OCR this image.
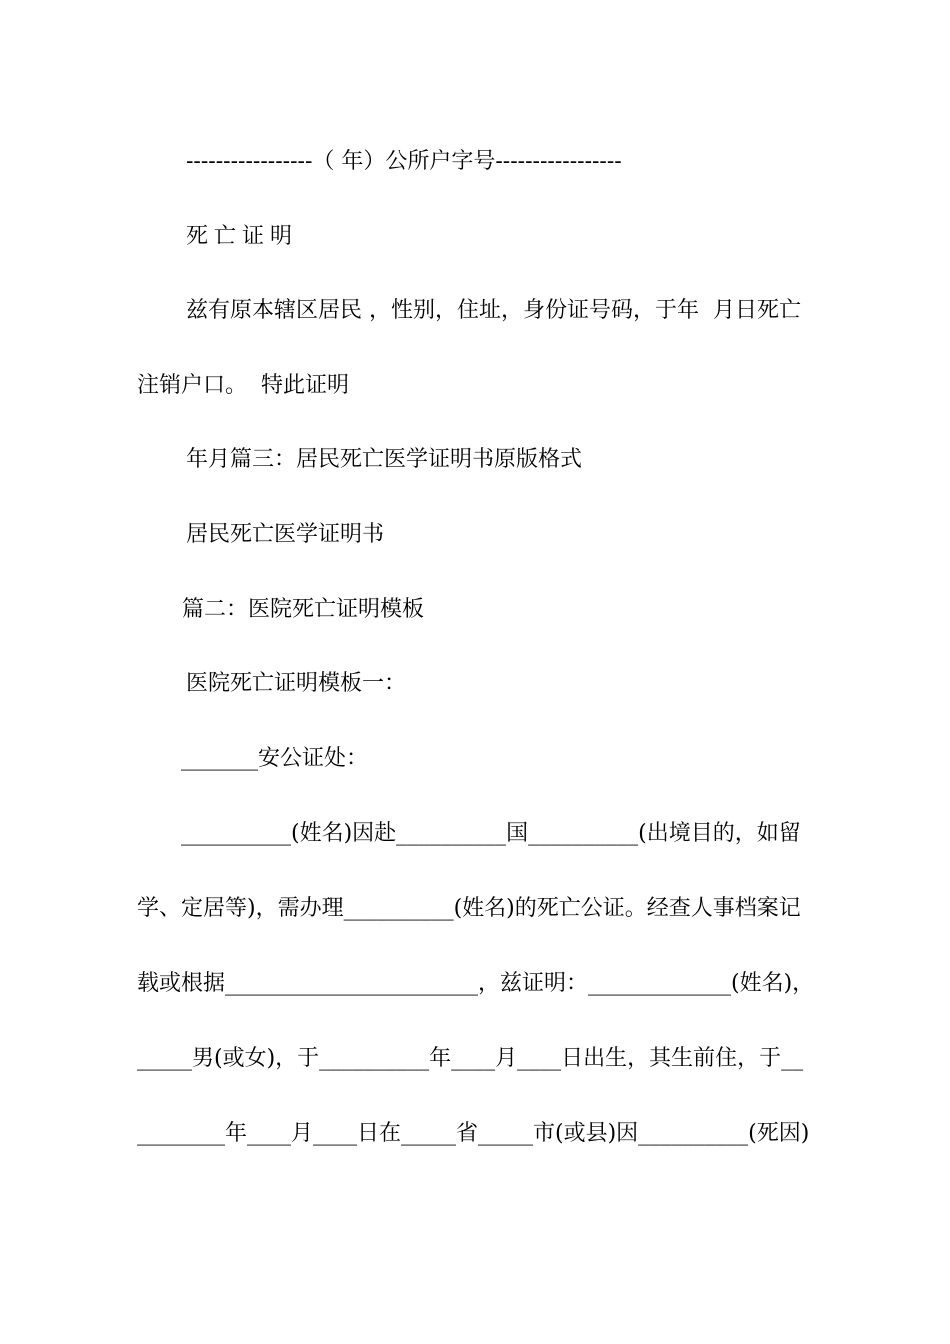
-----------------（ 年）公所户字号-----------------
死亡证明
兹有原本辖区居民 ，性别，住址，身份证号码，于年  月日死亡
注销户口。  特此证明
年月篇三：居民死亡医学证明书原版格式
居民死亡医学证明书
篇二：医院死亡证明模板
医院死亡证明模板一：
_______安公证处：
__________(姓名)因赴__________国__________(出境目的，如留
学、定居等)，需办理__________(姓名)的死亡公证。经查人事档案记
载或根据_______________________，兹证明：_____________(姓名)，
_____男(或女)，于__________年____月____日出生，其生前住，于__
________年____月____日在_____省_____市(或县)因__________(死因)
